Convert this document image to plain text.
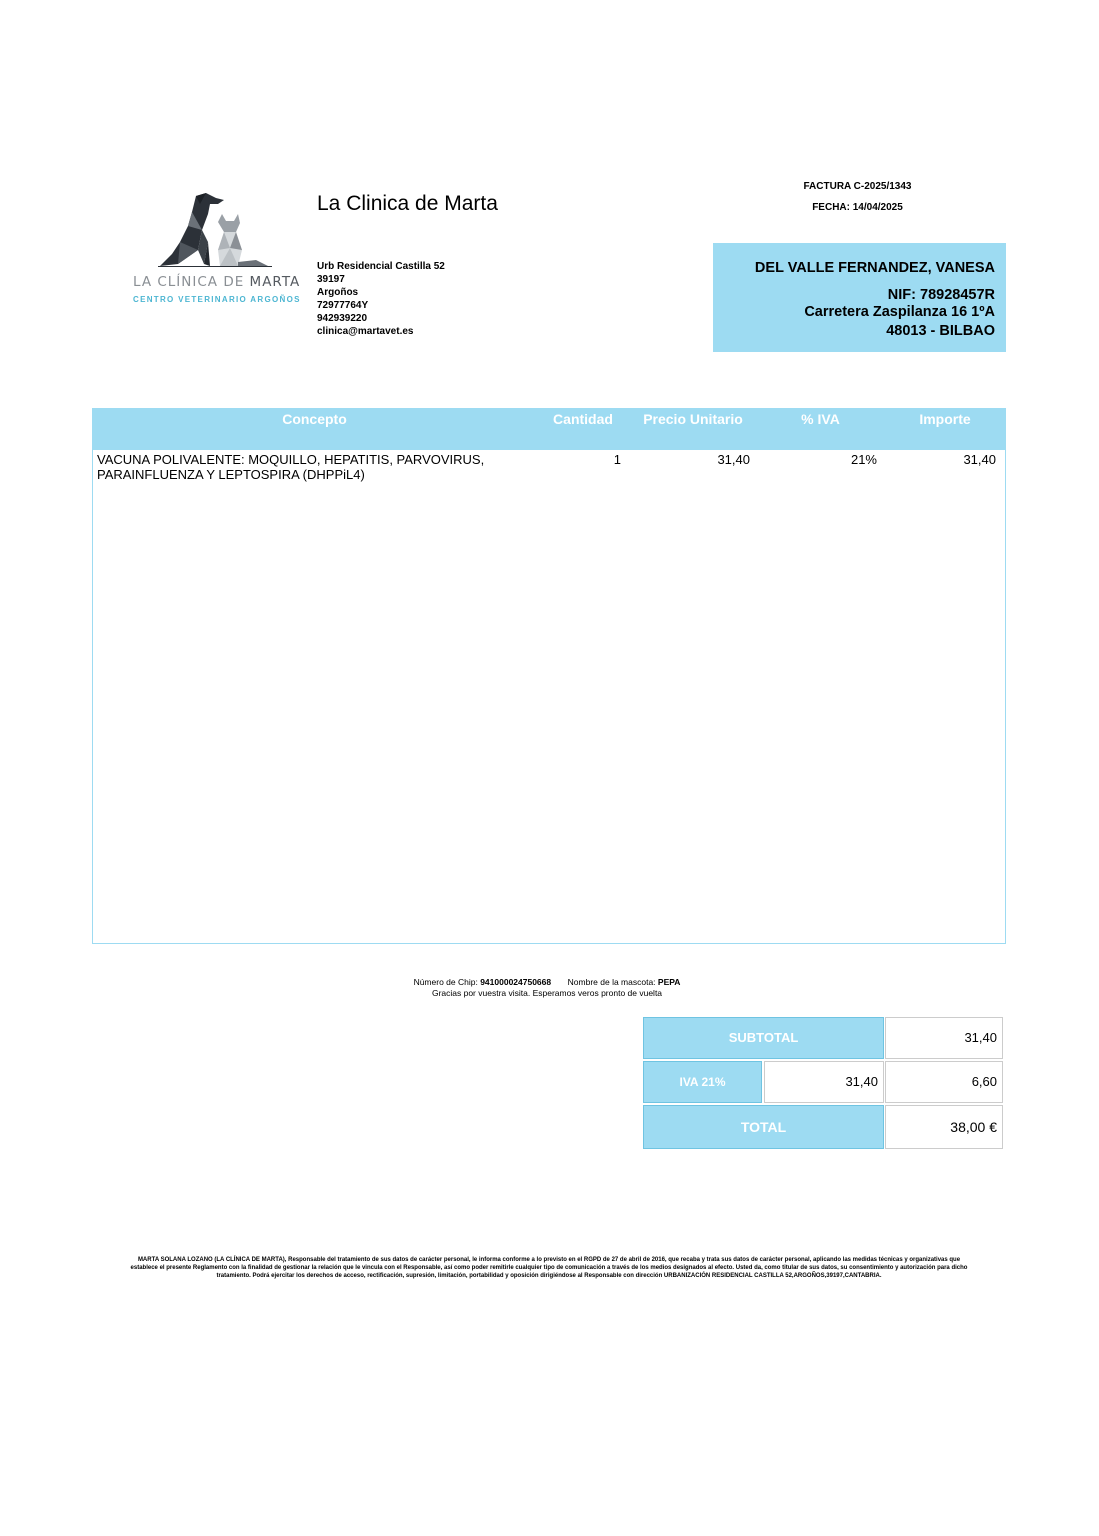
LA CLÍNICA DE MARTA
CENTRO VETERINARIO ARGOÑOS
La Clinica de Marta
Urb Residencial Castilla 52
39197
Argoños
72977764Y
942939220
clinica@martavet.es
FACTURA C-2025/1343
FECHA: 14/04/2025
DEL VALLE FERNANDEZ, VANESA
NIF: 78928457R
Carretera Zaspilanza 16 1ºA
48013 - BILBAO
Concepto	Cantidad	Precio Unitario	% IVA	Importe
VACUNA POLIVALENTE: MOQUILLO, HEPATITIS, PARVOVIRUS,
PARAINFLUENZA Y LEPTOSPIRA (DHPPiL4)
1	31,40	21%	31,40
Número de Chip: 941000024750668 Nombre de la mascota: PEPA
Gracias por vuestra visita. Esperamos veros pronto de vuelta
SUBTOTAL	31,40
IVA 21%	31,40	6,60
TOTAL	38,00 €
MARTA SOLANA LOZANO (LA CLÍNICA DE MARTA), Responsable del tratamiento de sus datos de carácter personal, le informa conforme a lo previsto en el RGPD de 27 de abril de 2016, que recaba y trata sus datos de carácter personal, aplicando las medidas técnicas y organizativas que
establece el presente Reglamento con la finalidad de gestionar la relación que le vincula con el Responsable, así como poder remitirle cualquier tipo de comunicación a través de los medios designados al efecto. Usted da, como titular de sus datos, su consentimiento y autorización para dicho
tratamiento. Podrá ejercitar los derechos de acceso, rectificación, supresión, limitación, portabilidad y oposición dirigiéndose al Responsable con dirección URBANIZACIÓN RESIDENCIAL CASTILLA 52,ARGOÑOS,39197,CANTABRIA.
